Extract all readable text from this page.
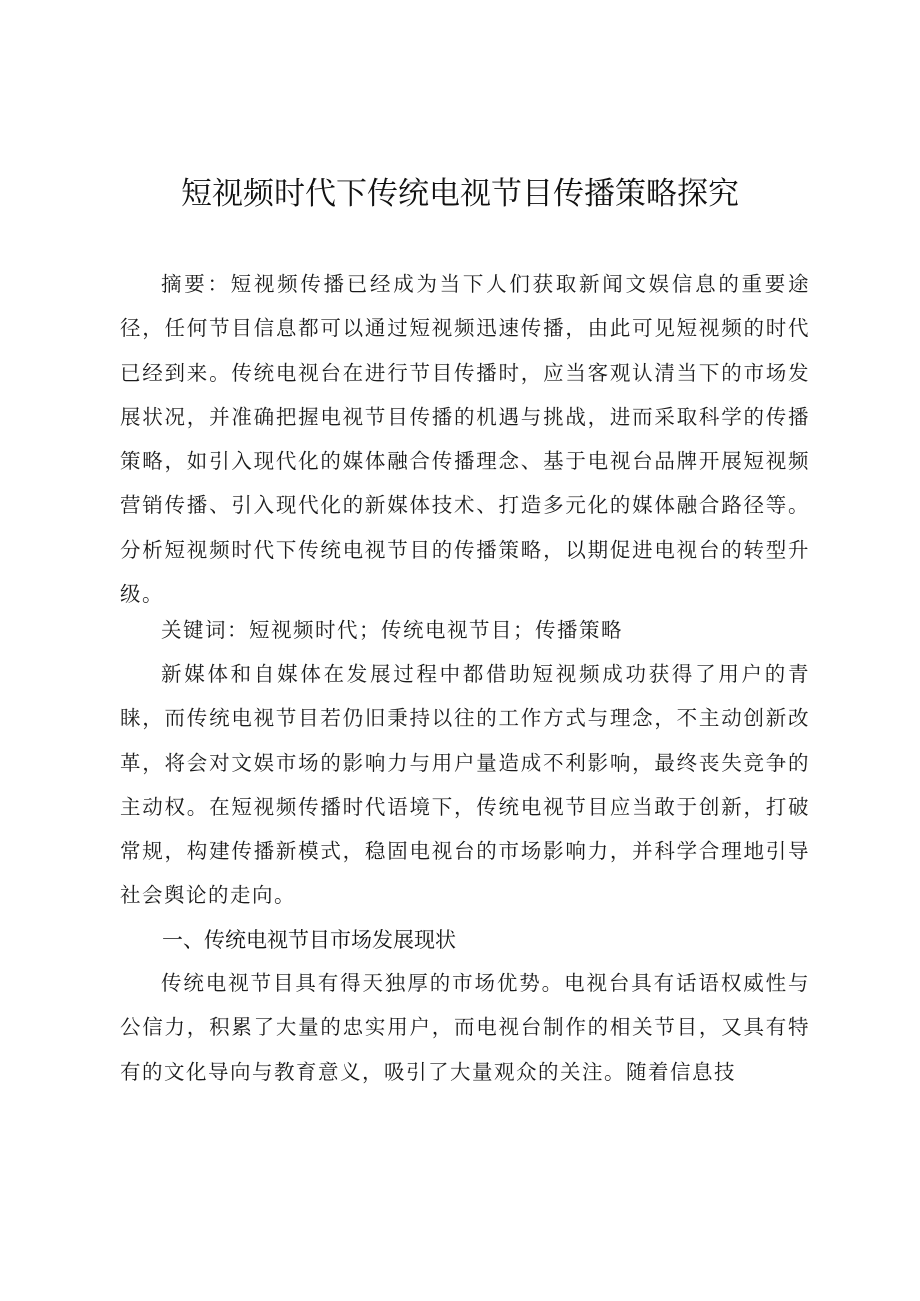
短视频时代下传统电视节目传播策略探究

摘要：短视频传播已经成为当下人们获取新闻文娱信息的重要途径，任何节目信息都可以通过短视频迅速传播，由此可见短视频的时代已经到来。传统电视台在进行节目传播时，应当客观认清当下的市场发展状况，并准确把握电视节目传播的机遇与挑战，进而采取科学的传播策略，如引入现代化的媒体融合传播理念、基于电视台品牌开展短视频营销传播、引入现代化的新媒体技术、打造多元化的媒体融合路径等。分析短视频时代下传统电视节目的传播策略，以期促进电视台的转型升级。

关键词：短视频时代；传统电视节目；传播策略

新媒体和自媒体在发展过程中都借助短视频成功获得了用户的青睐，而传统电视节目若仍旧秉持以往的工作方式与理念，不主动创新改革，将会对文娱市场的影响力与用户量造成不利影响，最终丧失竞争的主动权。在短视频传播时代语境下，传统电视节目应当敢于创新，打破常规，构建传播新模式，稳固电视台的市场影响力，并科学合理地引导社会舆论的走向。

一、传统电视节目市场发展现状

传统电视节目具有得天独厚的市场优势。电视台具有话语权威性与公信力，积累了大量的忠实用户，而电视台制作的相关节目，又具有特有的文化导向与教育意义，吸引了大量观众的关注。随着信息技
